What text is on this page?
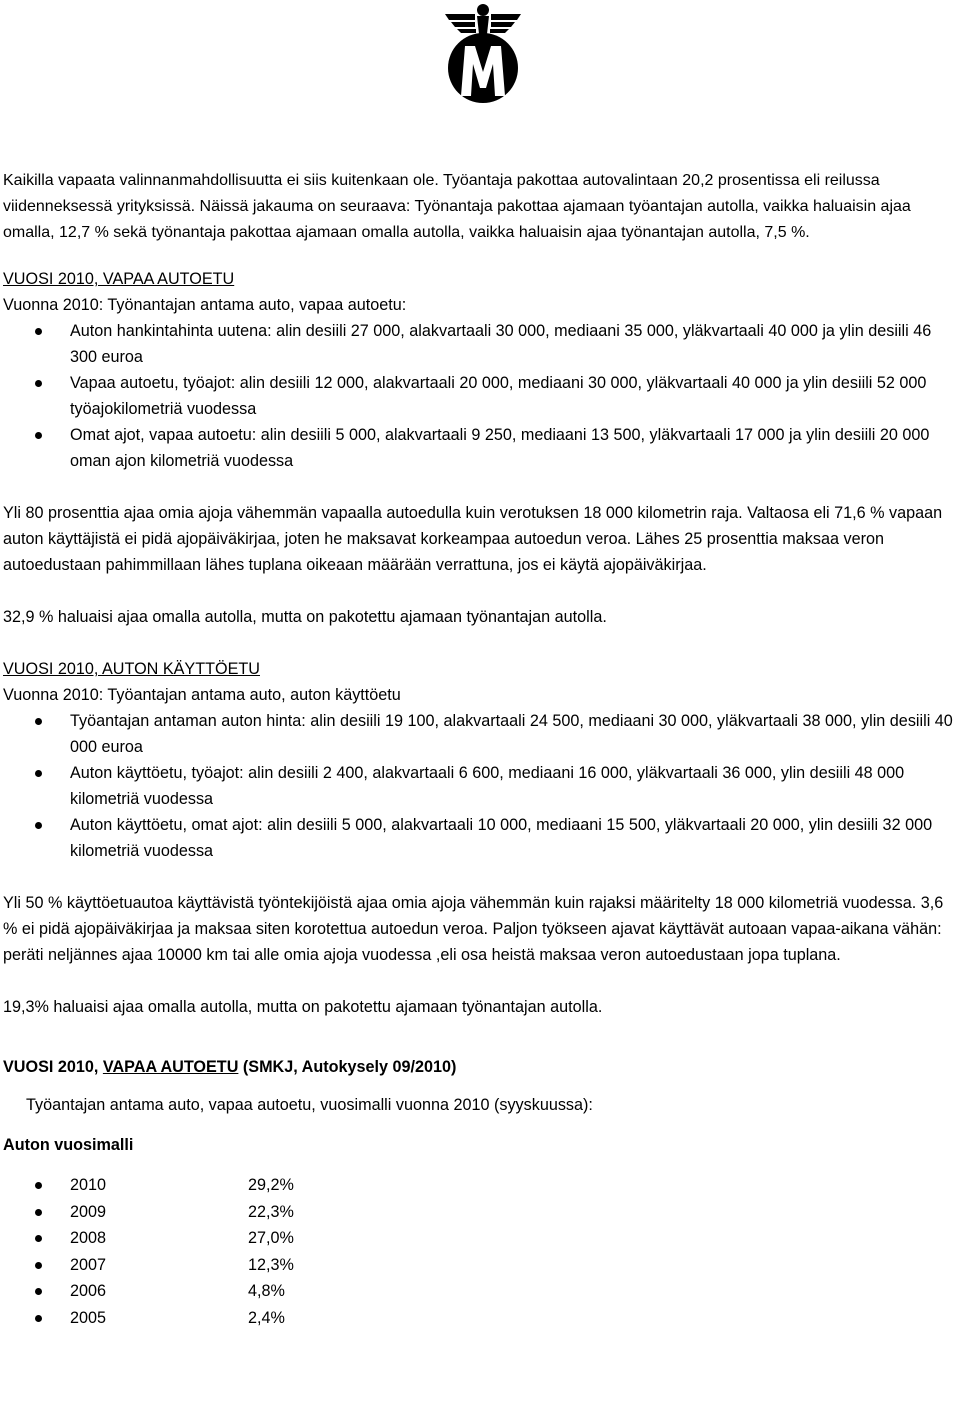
Kaikilla vapaata valinnanmahdollisuutta ei siis kuitenkaan ole. Työantaja pakottaa autovalintaan 20,2 prosentissa eli reilussa viidenneksessä yrityksissä. Näissä jakauma on seuraava: Työnantaja pakottaa ajamaan työantajan autolla, vaikka haluaisin ajaa omalla, 12,7 % sekä työnantaja pakottaa ajamaan omalla autolla, vaikka haluaisin ajaa työnantajan autolla, 7,5 %.

VUOSI 2010, VAPAA AUTOETU

Vuonna 2010: Työnantajan antama auto, vapaa autoetu:

Auton hankintahinta uutena: alin desiili 27 000, alakvartaali 30 000, mediaani 35 000, yläkvartaali 40 000 ja ylin desiili 46 300 euroa
Vapaa autoetu, työajot: alin desiili 12 000, alakvartaali 20 000, mediaani 30 000, yläkvartaali 40 000 ja ylin desiili 52 000 työajokilometriä vuodessa
Omat ajot, vapaa autoetu: alin desiili 5 000, alakvartaali 9 250, mediaani 13 500, yläkvartaali 17 000 ja ylin desiili 20 000 oman ajon kilometriä vuodessa

Yli 80 prosenttia ajaa omia ajoja vähemmän vapaalla autoedulla kuin verotuksen 18 000 kilometrin raja. Valtaosa eli 71,6 % vapaan auton käyttäjistä ei pidä ajopäiväkirjaa, joten he maksavat korkeampaa autoedun veroa. Lähes 25 prosenttia maksaa veron autoedustaan pahimmillaan lähes tuplana oikeaan määrään verrattuna, jos ei käytä ajopäiväkirjaa.

32,9 % haluaisi ajaa omalla autolla, mutta on pakotettu ajamaan työnantajan autolla.

VUOSI 2010, AUTON KÄYTTÖETU

Vuonna 2010: Työantajan antama auto, auton käyttöetu

Työantajan antaman auton hinta: alin desiili 19 100, alakvartaali 24 500, mediaani 30 000, yläkvartaali 38 000, ylin desiili 40 000 euroa
Auton käyttöetu, työajot: alin desiili 2 400, alakvartaali 6 600, mediaani 16 000, yläkvartaali 36 000, ylin desiili 48 000 kilometriä vuodessa
Auton käyttöetu, omat ajot: alin desiili 5 000, alakvartaali 10 000, mediaani 15 500, yläkvartaali 20 000, ylin desiili 32 000 kilometriä vuodessa

Yli 50 % käyttöetuautoa käyttävistä työntekijöistä ajaa omia ajoja vähemmän kuin rajaksi määritelty 18 000 kilometriä vuodessa. 3,6 % ei pidä ajopäiväkirjaa ja maksaa siten korotettua autoedun veroa. Paljon työkseen ajavat käyttävät autoaan vapaa-aikana vähän: peräti neljännes ajaa 10000 km tai alle omia ajoja vuodessa ,eli osa heistä maksaa veron autoedustaan jopa tuplana.

19,3% haluaisi ajaa omalla autolla, mutta on pakotettu ajamaan työnantajan autolla.

VUOSI 2010, VAPAA AUTOETU (SMKJ, Autokysely 09/2010)

Työantajan antama auto, vapaa autoetu, vuosimalli vuonna 2010 (syyskuussa):

Auton vuosimalli

2010	29,2%
2009	22,3%
2008	27,0%
2007	12,3%
2006	4,8%
2005	2,4%
